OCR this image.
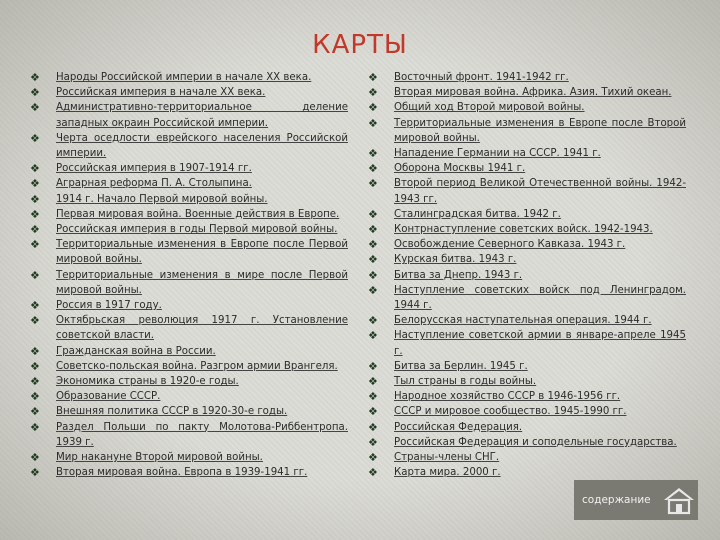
КАРТЫ
❖ Народы Российской империи в начале XX века.
❖ Российская империя в начале XX века.
❖ Административно-территориальное деление западных окраин Российской империи.
❖ Черта оседлости еврейского населения Российской империи.
❖ Российская империя в 1907-1914 гг.
❖ Аграрная реформа П. А. Столыпина.
❖ 1914 г. Начало Первой мировой войны.
❖ Первая мировая война. Военные действия в Европе.
❖ Российская империя в годы Первой мировой войны.
❖ Территориальные изменения в Европе после Первой мировой войны.
❖ Территориальные изменения в мире после Первой мировой войны.
❖ Россия в 1917 году.
❖ Октябрьская революция 1917 г. Установление советской власти.
❖ Гражданская война в России.
❖ Советско-польская война. Разгром армии Врангеля.
❖ Экономика страны в 1920-е годы.
❖ Образование СССР.
❖ Внешняя политика СССР в 1920-30-е годы.
❖ Раздел Польши по пакту Молотова-Риббентропа. 1939 г.
❖ Мир накануне Второй мировой войны.
❖ Вторая мировая война. Европа в 1939-1941 гг.
❖ Восточный фронт. 1941-1942 гг.
❖ Вторая мировая война. Африка. Азия. Тихий океан.
❖ Общий ход Второй мировой войны.
❖ Территориальные изменения в Европе после Второй мировой войны.
❖ Нападение Германии на СССР. 1941 г.
❖ Оборона Москвы 1941 г.
❖ Второй период Великой Отечественной войны. 1942-1943 гг.
❖ Сталинградская битва. 1942 г.
❖ Контрнаступление советских войск. 1942-1943.
❖ Освобождение Северного Кавказа. 1943 г.
❖ Курская битва. 1943 г.
❖ Битва за Днепр. 1943 г.
❖ Наступление советских войск под Ленинградом. 1944 г.
❖ Белорусская наступательная операция. 1944 г.
❖ Наступление советской армии в январе-апреле 1945 г.
❖ Битва за Берлин. 1945 г.
❖ Тыл страны в годы войны.
❖ Народное хозяйство СССР в 1946-1956 гг.
❖ СССР и мировое сообщество. 1945-1990 гг.
❖ Российская Федерация.
❖ Российская Федерация и соподельные государства.
❖ Страны-члены СНГ.
❖ Карта мира. 2000 г.
содержание
